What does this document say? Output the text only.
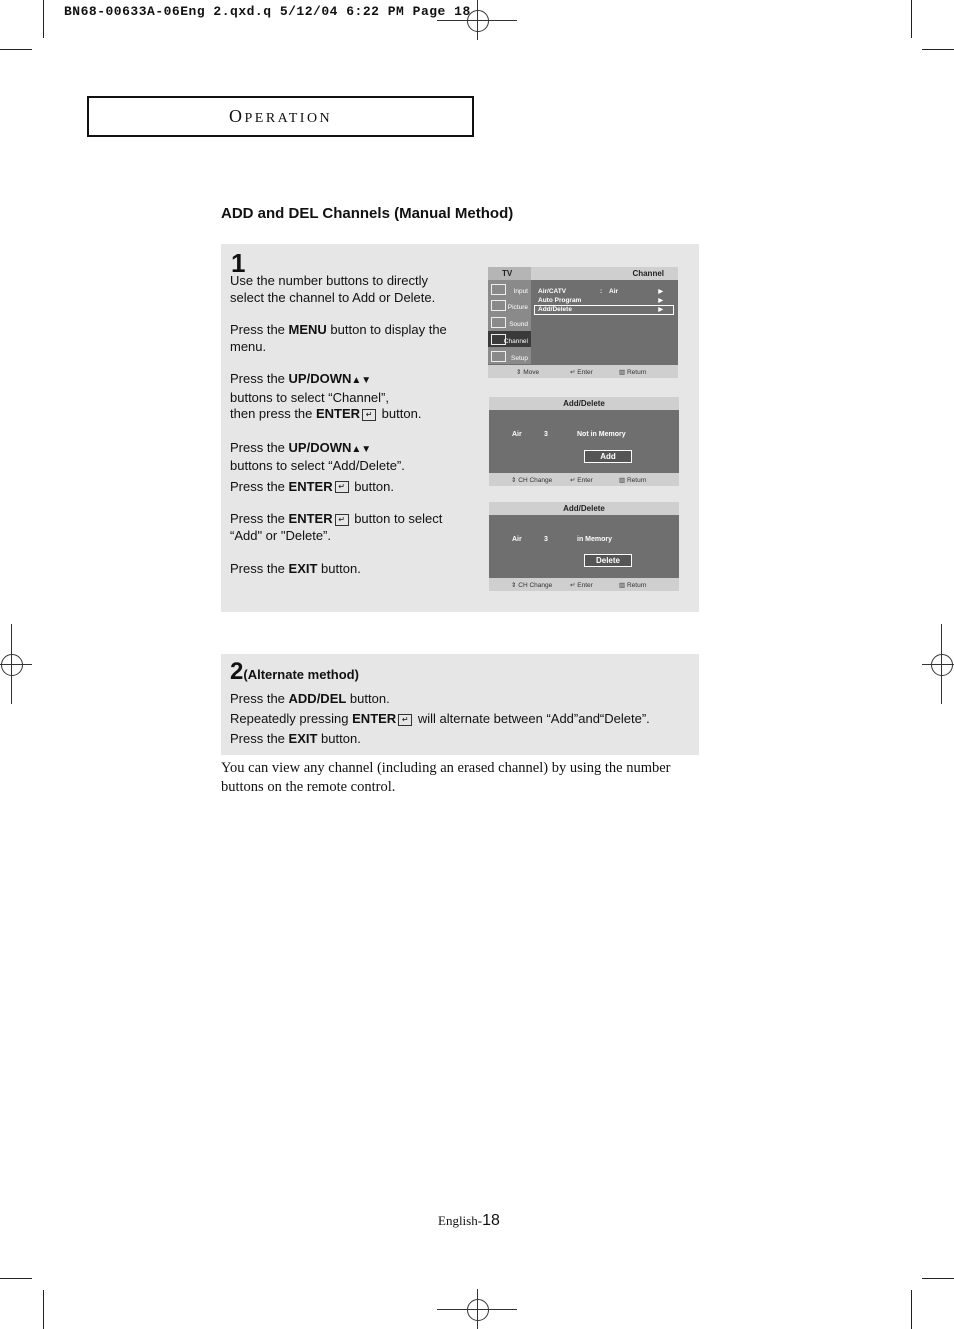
BN68-00633A-06Eng 2.qxd.q 5/12/04 6:22 PM Page 18
OPERATION
ADD and DEL Channels (Manual Method)
1

Use the number buttons to directly select the channel to Add or Delete.

Press the MENU button to display the menu.

Press the UP/DOWN▲▼
buttons to select “Channel”,
then press the ENTER ↵ button.

Press the UP/DOWN▲▼
buttons to select “Add/Delete”.

Press the ENTER ↵ button.

Press the ENTER ↵ button to select
“Add" or "Delete”.

Press the EXIT button.

TV	Channel
Input
Picture
Sound
Channel
Setup
Air/CATV	: Air	▶
Auto Program	▶
Add/Delete	▶
⇕ Move	↵ Enter	▥ Return
Add/Delete
Air	3	Not in Memory
Add
⇕ CH Change	↵ Enter	▥ Return
Add/Delete
Air	3	in Memory
Delete
⇕ CH Change	↵ Enter	▥ Return
2(Alternate method)
Press the ADD/DEL button.
Repeatedly pressing ENTER ↵ will alternate between “Add”and“Delete”.
Press the EXIT button.
You can view any channel (including an erased channel) by using the number buttons on the remote control.
English-18
